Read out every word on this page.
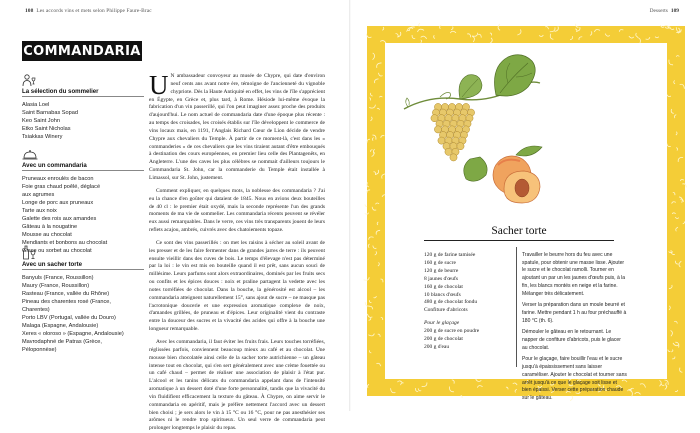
108 Les accords vins et mets selon Philippe Faure-Brac	Desserts 109
COMMANDARIA
La sélection du sommelier
Alasia Loel
Saint Barnabas Sopad
Keo Saint John
Etko Saint Nicholas
Tsiakkas Winery
Avec un commandaria
Pruneaux enroulés de bacon
Foie gras chaud poêlé, déglacé
aux agrumes
Longe de porc aux pruneaux
Tarte aux noix
Galette des rois aux amandes
Gâteau à la nougatine
Mousse au chocolat
Mendiants et bonbons au chocolat
Glace ou sorbet au chocolat
Avec un sacher torte
Banyuls (France, Roussillon)
Maury (France, Roussillon)
Rasteau (France, vallée du Rhône)
Pineau des charentes rosé (France,
Charentes)
Porto LBV (Portugal, vallée du Douro)
Malaga (Espagne, Andalousie)
Xeres « oloroso » (Espagne, Andalousie)
Mavrodaphné de Patras (Grèce,
Péloponnèse)

U N ambassadeur convoyeur au musée de Chypre, qui date d'environ neuf cents ans avant notre ère, témoigne de l'ancienneté du vignoble chypriote. Dès la Haute Antiquité en effet, les vins de l'île s'apprécient en Égypte, en Grèce et, plus tard, à Rome. Hésiode lui-même évoque la fabrication d'un vin passerillé, qui l'on peut imaginer assez proche des produits d'aujourd'hui. Le nom actuel de commandaria date d'une époque plus récente : au temps des croisades, les croisés établis sur l'île développent le commerce de vins locaux mais, en 1191, l'Anglais Richard Cœur de Lion décide de vendre Chypre aux chevaliers du Temple. À partir de ce moment-là, c'est dans les « commanderies » de ces chevaliers que les vins tiraient autant d'être embouqués à destination des cours européennes, en premier lieu celle des Plantagenêts, en Angleterre. L'une des caves les plus célèbres se nommait d'ailleurs toujours le Commandaria St. John, car la commanderie du Temple était installée à Limassol, sur St. John, justement.

Comment expliquer, en quelques mots, la noblesse des commandaria ? J'ai eu la chance d'en goûter qui dataient de 1845. Nous en avions deux bouteilles de 40 cl : le premier était oxydé, mais la seconde représente l'un des grands moments de ma vie de sommelier. Les commandaria récents peuvent se révéler eux aussi remarquables. Dans le verre, ces vins très transparents jouent de leurs reflets acajou, ambrés, cuivrés avec des chatoiements topaze.

Ce sont des vins passerillés : on met les raisins à sécher au soleil avant de les presser et de les faire fermenter dans de grandes jarres de terre : ils peuvent ensuite vieillir dans des cuves de bois. Le temps d'élevage n'est pas déterminé par la loi : le vin est mis en bouteille quand il est prêt, sans aucun souci de millésime. Leurs parfums sont alors extraordinaires, dominés par les fruits secs ou confits et les épices douces : noix et praline partagent la vedette avec les notes torréfiées de chocolat. Dans la bouche, la générosité est alcool – les commandaria atteignent naturellement 15°, sans ajout de sucre – ne masque pas l'acrotonique doucerie et une expression aromatique complexe de noix, d'amandes grillées, de pruneau et d'épices. Leur originalité vient du contraste entre la douceur des sucres et la vivacité des acides qui offre à la bouche une longueur remarquable.

Avec les commandaria, il faut éviter les fruits frais. Leurs touches torréfiées, réglissées parfois, conviennent beaucoup mieux au café et au chocolat. Une mousse bien chocolatée ainsi celle de la sacher torte autrichienne – un gâteau intense tout en chocolat, qui s'en sert généralement avec une crème fouettée ou un café chaud – permet de réaliser une association de plaisir à l'état pur. L'alcool et les tanins délicats du commandaria appelant dans de l'intensité aromatique à un dessert doté d'une forte personnalité, tandis que la vivacité du vin fluidifient efficacement la texture du gâteau. À Chypre, on aime servir le commandaria en apéritif, mais je préfère nettement l'accord avec un dessert bien choisi ; je sers alors le vin à 15 °C ou 16 °C, pour ne pas anesthésier ses arômes ni le rendre trop spiritueux. Un seul verre de commandaria peut prolonger longtemps le plaisir du repas.

Sacher torte
120 g de farine tamisée
160 g de sucre
120 g de beurre
8 jaunes d'œufs
160 g de chocolat
10 blancs d'œufs
480 g de chocolat fondu
Confiture d'abricots
Pour le glaçage
200 g de sucre en poudre
200 g de chocolat
200 g d'eau

Travailler le beurre hors du feu avec une spatule, pour obtenir une masse lisse. Ajouter le sucre et le chocolat ramolli. Tourner en ajoutant un par un les jaunes d'œufs puis, à la fin, les blancs montés en neige et la farine. Mélanger très délicatement.

Verser la préparation dans un moule beurré et farine. Mettre pendant 1 h au four préchauffé à 180 °C (th. 6).

Démouler le gâteau en le retournant. Le napper de confiture d'abricots, puis le glacer au chocolat.

Pour le glaçage, faire bouillir l'eau et le sucre jusqu'à épaississement sans laisser caraméliser. Ajouter le chocolat et tourner sans arrêt jusqu'à ce que le glaçage soit lisse et bien épaissi. Verser cette préparation chaude sur le gâteau.
